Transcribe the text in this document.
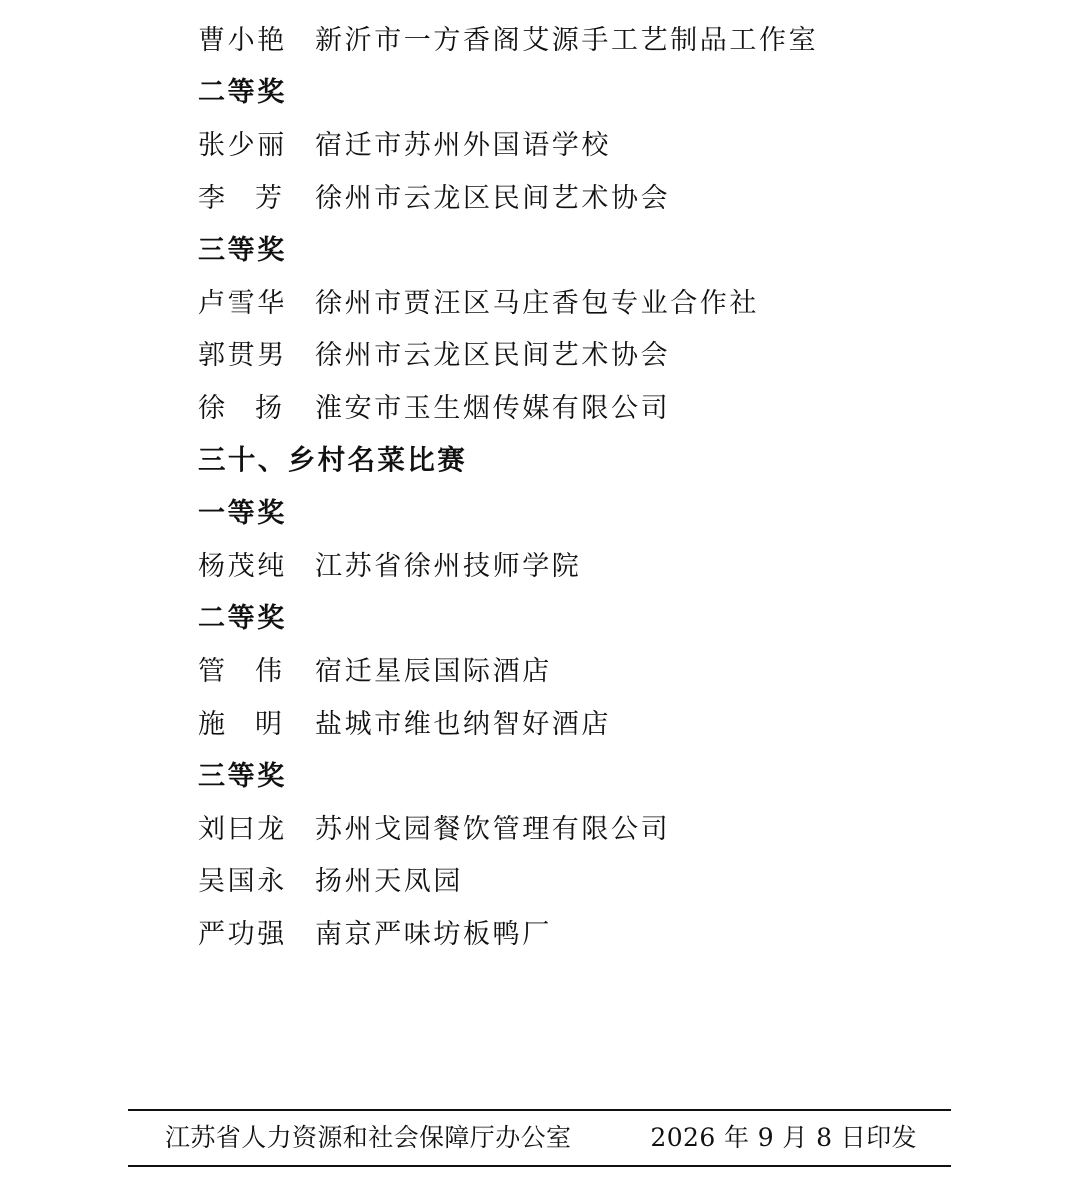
曹小艳	新沂市一方香阁艾源手工艺制品工作室
二等奖
张少丽	宿迁市苏州外国语学校
李 芳 徐州市云龙区民间艺术协会
三等奖
卢雪华	徐州市贾汪区马庄香包专业合作社
郭贯男	徐州市云龙区民间艺术协会
徐 扬 淮安市玉生烟传媒有限公司
三十、乡村名菜比赛
一等奖
杨茂纯	江苏省徐州技师学院
二等奖
管 伟 宿迁星辰国际酒店
施 明 盐城市维也纳智好酒店
三等奖
刘曰龙	苏州戈园餐饮管理有限公司
吴国永	扬州天凤园
严功强	南京严味坊板鸭厂
江苏省人力资源和社会保障厅办公室	2026 年 9 月 8 日印发
